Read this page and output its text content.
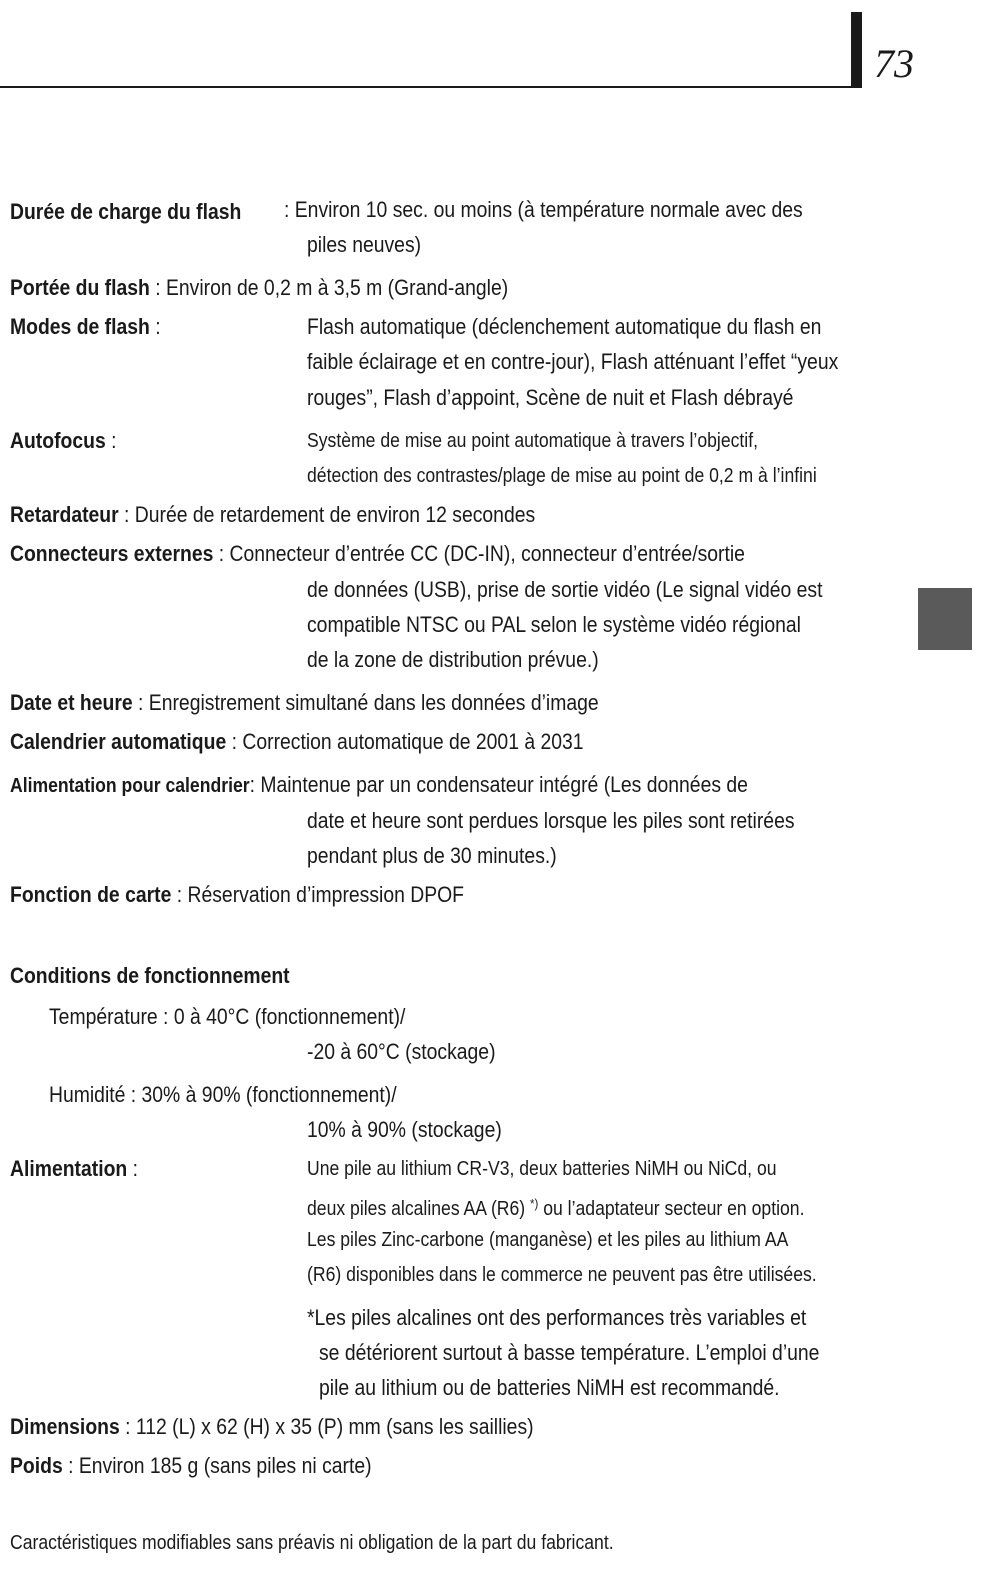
73
Durée de charge du flash : Environ 10 sec. ou moins (à température normale avec des
piles neuves)
Portée du flash : Environ de 0,2 m à 3,5 m (Grand-angle)
Modes de flash :	Flash automatique (déclenchement automatique du flash en
faible éclairage et en contre-jour), Flash atténuant l’effet “yeux
rouges”, Flash d’appoint, Scène de nuit et Flash débrayé
Autofocus :	Système de mise au point automatique à travers l’objectif,
détection des contrastes/plage de mise au point de 0,2 m à l’infini
Retardateur : Durée de retardement de environ 12 secondes
Connecteurs externes : Connecteur d’entrée CC (DC-IN), connecteur d’entrée/sortie
de données (USB), prise de sortie vidéo (Le signal vidéo est
compatible NTSC ou PAL selon le système vidéo régional
de la zone de distribution prévue.)
Date et heure : Enregistrement simultané dans les données d’image
Calendrier automatique : Correction automatique de 2001 à 2031
Alimentation pour calendrier: Maintenue par un condensateur intégré (Les données de
date et heure sont perdues lorsque les piles sont retirées
pendant plus de 30 minutes.)
Fonction de carte : Réservation d’impression DPOF
Conditions de fonctionnement
Température : 0 à 40°C (fonctionnement)/
-20 à 60°C (stockage)
Humidité : 30% à 90% (fonctionnement)/
10% à 90% (stockage)
Alimentation :	Une pile au lithium CR-V3, deux batteries NiMH ou NiCd, ou
deux piles alcalines AA (R6) *) ou l’adaptateur secteur en option.
Les piles Zinc-carbone (manganèse) et les piles au lithium AA
(R6) disponibles dans le commerce ne peuvent pas être utilisées.
*Les piles alcalines ont des performances très variables et
se détériorent surtout à basse température. L’emploi d’une
pile au lithium ou de batteries NiMH est recommandé.
Dimensions : 112 (L) x 62 (H) x 35 (P) mm (sans les saillies)
Poids : Environ 185 g (sans piles ni carte)
Caractéristiques modifiables sans préavis ni obligation de la part du fabricant.
